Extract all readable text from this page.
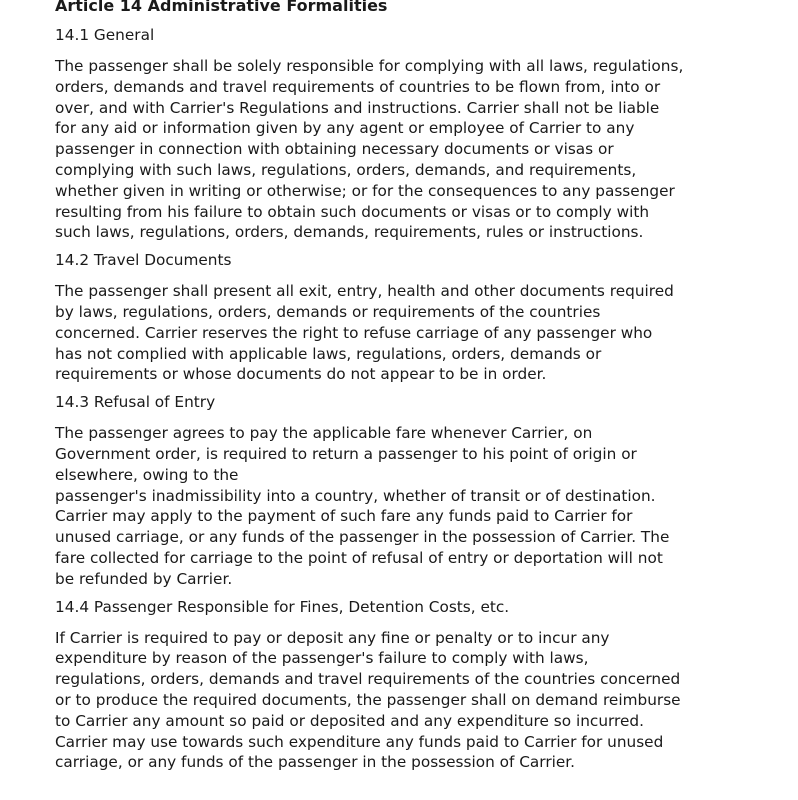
Article 14 Administrative Formalities
14.1 General
The passenger shall be solely responsible for complying with all laws, regulations,
orders, demands and travel requirements of countries to be flown from, into or
over, and with Carrier's Regulations and instructions. Carrier shall not be liable
for any aid or information given by any agent or employee of Carrier to any
passenger in connection with obtaining necessary documents or visas or
complying with such laws, regulations, orders, demands, and requirements,
whether given in writing or otherwise; or for the consequences to any passenger
resulting from his failure to obtain such documents or visas or to comply with
such laws, regulations, orders, demands, requirements, rules or instructions.
14.2 Travel Documents
The passenger shall present all exit, entry, health and other documents required
by laws, regulations, orders, demands or requirements of the countries
concerned. Carrier reserves the right to refuse carriage of any passenger who
has not complied with applicable laws, regulations, orders, demands or
requirements or whose documents do not appear to be in order.
14.3 Refusal of Entry
The passenger agrees to pay the applicable fare whenever Carrier, on
Government order, is required to return a passenger to his point of origin or
elsewhere, owing to the
passenger's inadmissibility into a country, whether of transit or of destination.
Carrier may apply to the payment of such fare any funds paid to Carrier for
unused carriage, or any funds of the passenger in the possession of Carrier. The
fare collected for carriage to the point of refusal of entry or deportation will not
be refunded by Carrier.
14.4 Passenger Responsible for Fines, Detention Costs, etc.
If Carrier is required to pay or deposit any fine or penalty or to incur any
expenditure by reason of the passenger's failure to comply with laws,
regulations, orders, demands and travel requirements of the countries concerned
or to produce the required documents, the passenger shall on demand reimburse
to Carrier any amount so paid or deposited and any expenditure so incurred.
Carrier may use towards such expenditure any funds paid to Carrier for unused
carriage, or any funds of the passenger in the possession of Carrier.
